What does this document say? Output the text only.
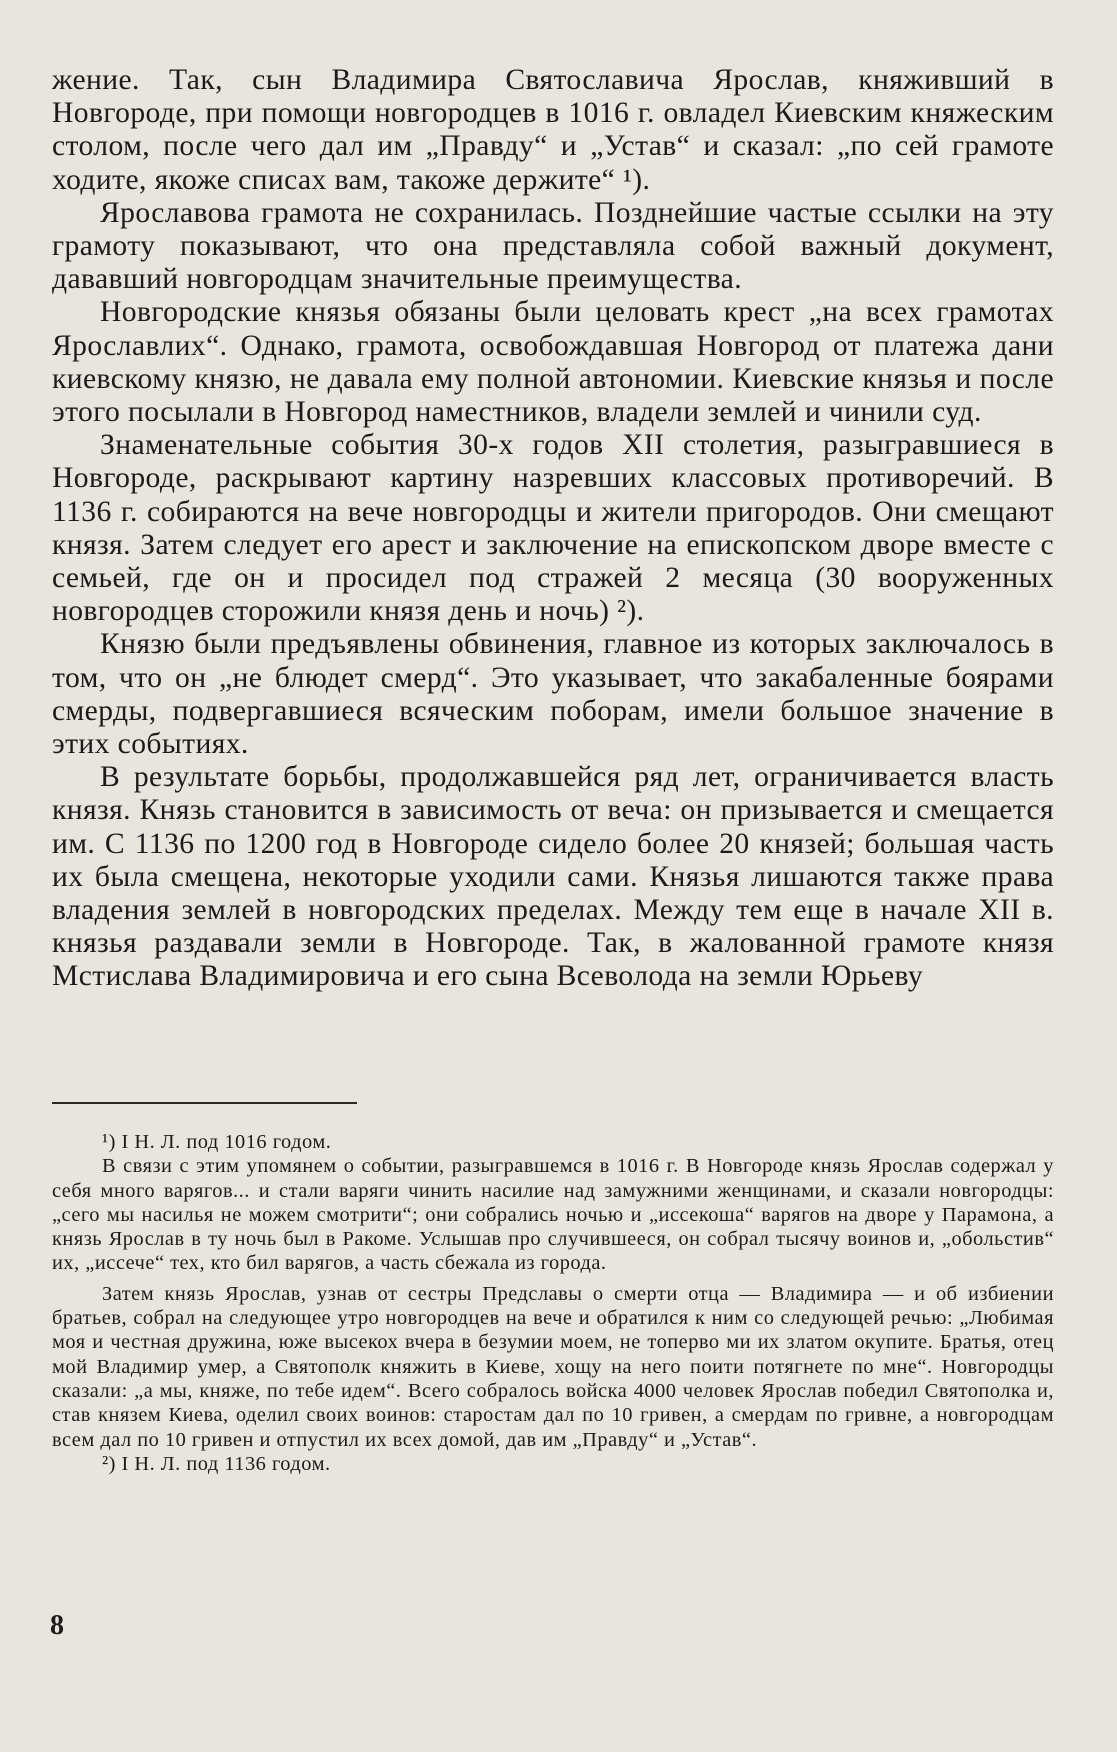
жение. Так, сын Владимира Святославича Ярослав, княживший в Новгороде, при помощи новгородцев в 1016 г. овладел Киевским княжеским столом, после чего дал им „Правду“ и „Устав“ и сказал: „по сей грамоте ходите, якоже списах вам, такоже держите“ ¹).

Ярославова грамота не сохранилась. Позднейшие частые ссылки на эту грамоту показывают, что она представляла собой важный документ, дававший новгородцам значительные преимущества.

Новгородские князья обязаны были целовать крест „на всех грамотах Ярославлих“. Однако, грамота, освобождавшая Новгород от платежа дани киевскому князю, не давала ему полной автономии. Киевские князья и после этого посылали в Новгород наместников, владели землей и чинили суд.

Знаменательные события 30-х годов XII столетия, разыгравшиеся в Новгороде, раскрывают картину назревших классовых противоречий. В 1136 г. собираются на вече новгородцы и жители пригородов. Они смещают князя. Затем следует его арест и заключение на епископском дворе вместе с семьей, где он и просидел под стражей 2 месяца (30 вооруженных новгородцев сторожили князя день и ночь) ²).

Князю были предъявлены обвинения, главное из которых заключалось в том, что он „не блюдет смерд“. Это указывает, что закабаленные боярами смерды, подвергавшиеся всяческим поборам, имели большое значение в этих событиях.

В результате борьбы, продолжавшейся ряд лет, ограничивается власть князя. Князь становится в зависимость от веча: он призывается и смещается им. С 1136 по 1200 год в Новгороде сидело более 20 князей; большая часть их была смещена, некоторые уходили сами. Князья лишаются также права владения землей в новгородских пределах. Между тем еще в начале XII в. князья раздавали земли в Новгороде. Так, в жалованной грамоте князя Мстислава Владимировича и его сына Всеволода на земли Юрьеву

¹) I Н. Л. под 1016 годом.

В связи с этим упомянем о событии, разыгравшемся в 1016 г. В Новгороде князь Ярослав содержал у себя много варягов... и стали варяги чинить насилие над замужними женщинами, и сказали новгородцы: „сего мы насилья не можем смотрити“; они собрались ночью и „иссекоша“ варягов на дворе у Парамона, а князь Ярослав в ту ночь был в Ракоме. Услышав про случившееся, он собрал тысячу воинов и, „обольстив“ их, „иссече“ тех, кто бил варягов, а часть сбежала из города.

Затем князь Ярослав, узнав от сестры Предславы о смерти отца — Владимира — и об избиении братьев, собрал на следующее утро новгородцев на вече и обратился к ним со следующей речью: „Любимая моя и честная дружина, юже высекох вчера в безумии моем, не топерво ми их златом окупите. Братья, отец мой Владимир умер, а Святополк княжить в Киеве, хощу на него поити потягнете по мне“. Новгородцы сказали: „а мы, княже, по тебе идем“. Всего собралось войска 4000 человек Ярослав победил Святополка и, став князем Киева, оделил своих воинов: старостам дал по 10 гривен, а смердам по гривне, а новгородцам всем дал по 10 гривен и отпустил их всех домой, дав им „Правду“ и „Устав“.

²) I Н. Л. под 1136 годом.

8
